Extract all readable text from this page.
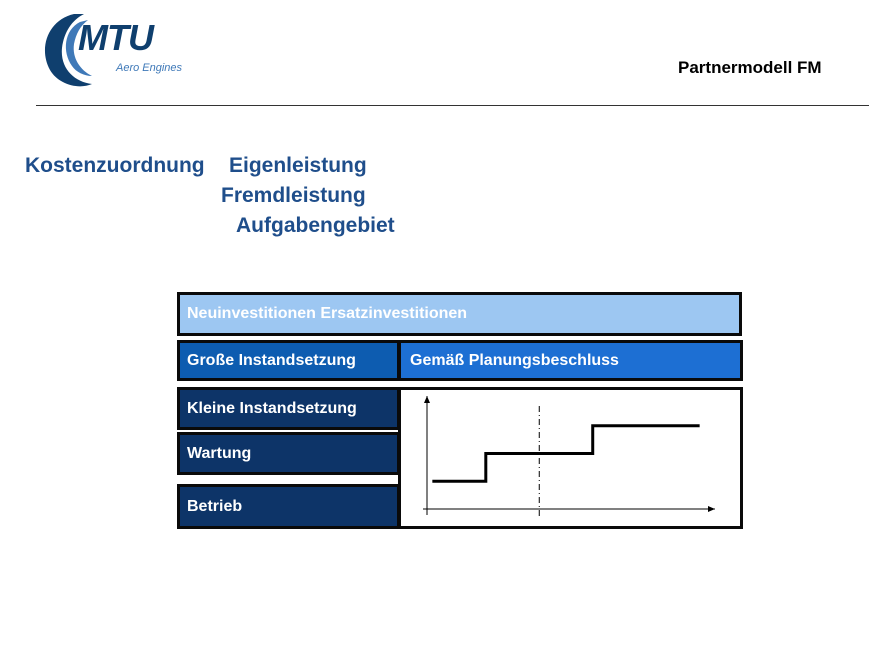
MTU
Aero Engines	Partnermodell FM
Kostenzuordnung Eigenleistung
Fremdleistung
Aufgabengebiet
Neuinvestitionen Ersatzinvestitionen
Große Instandsetzung	Gemäß Planungsbeschluss
Kleine Instandsetzung
Wartung
Betrieb
